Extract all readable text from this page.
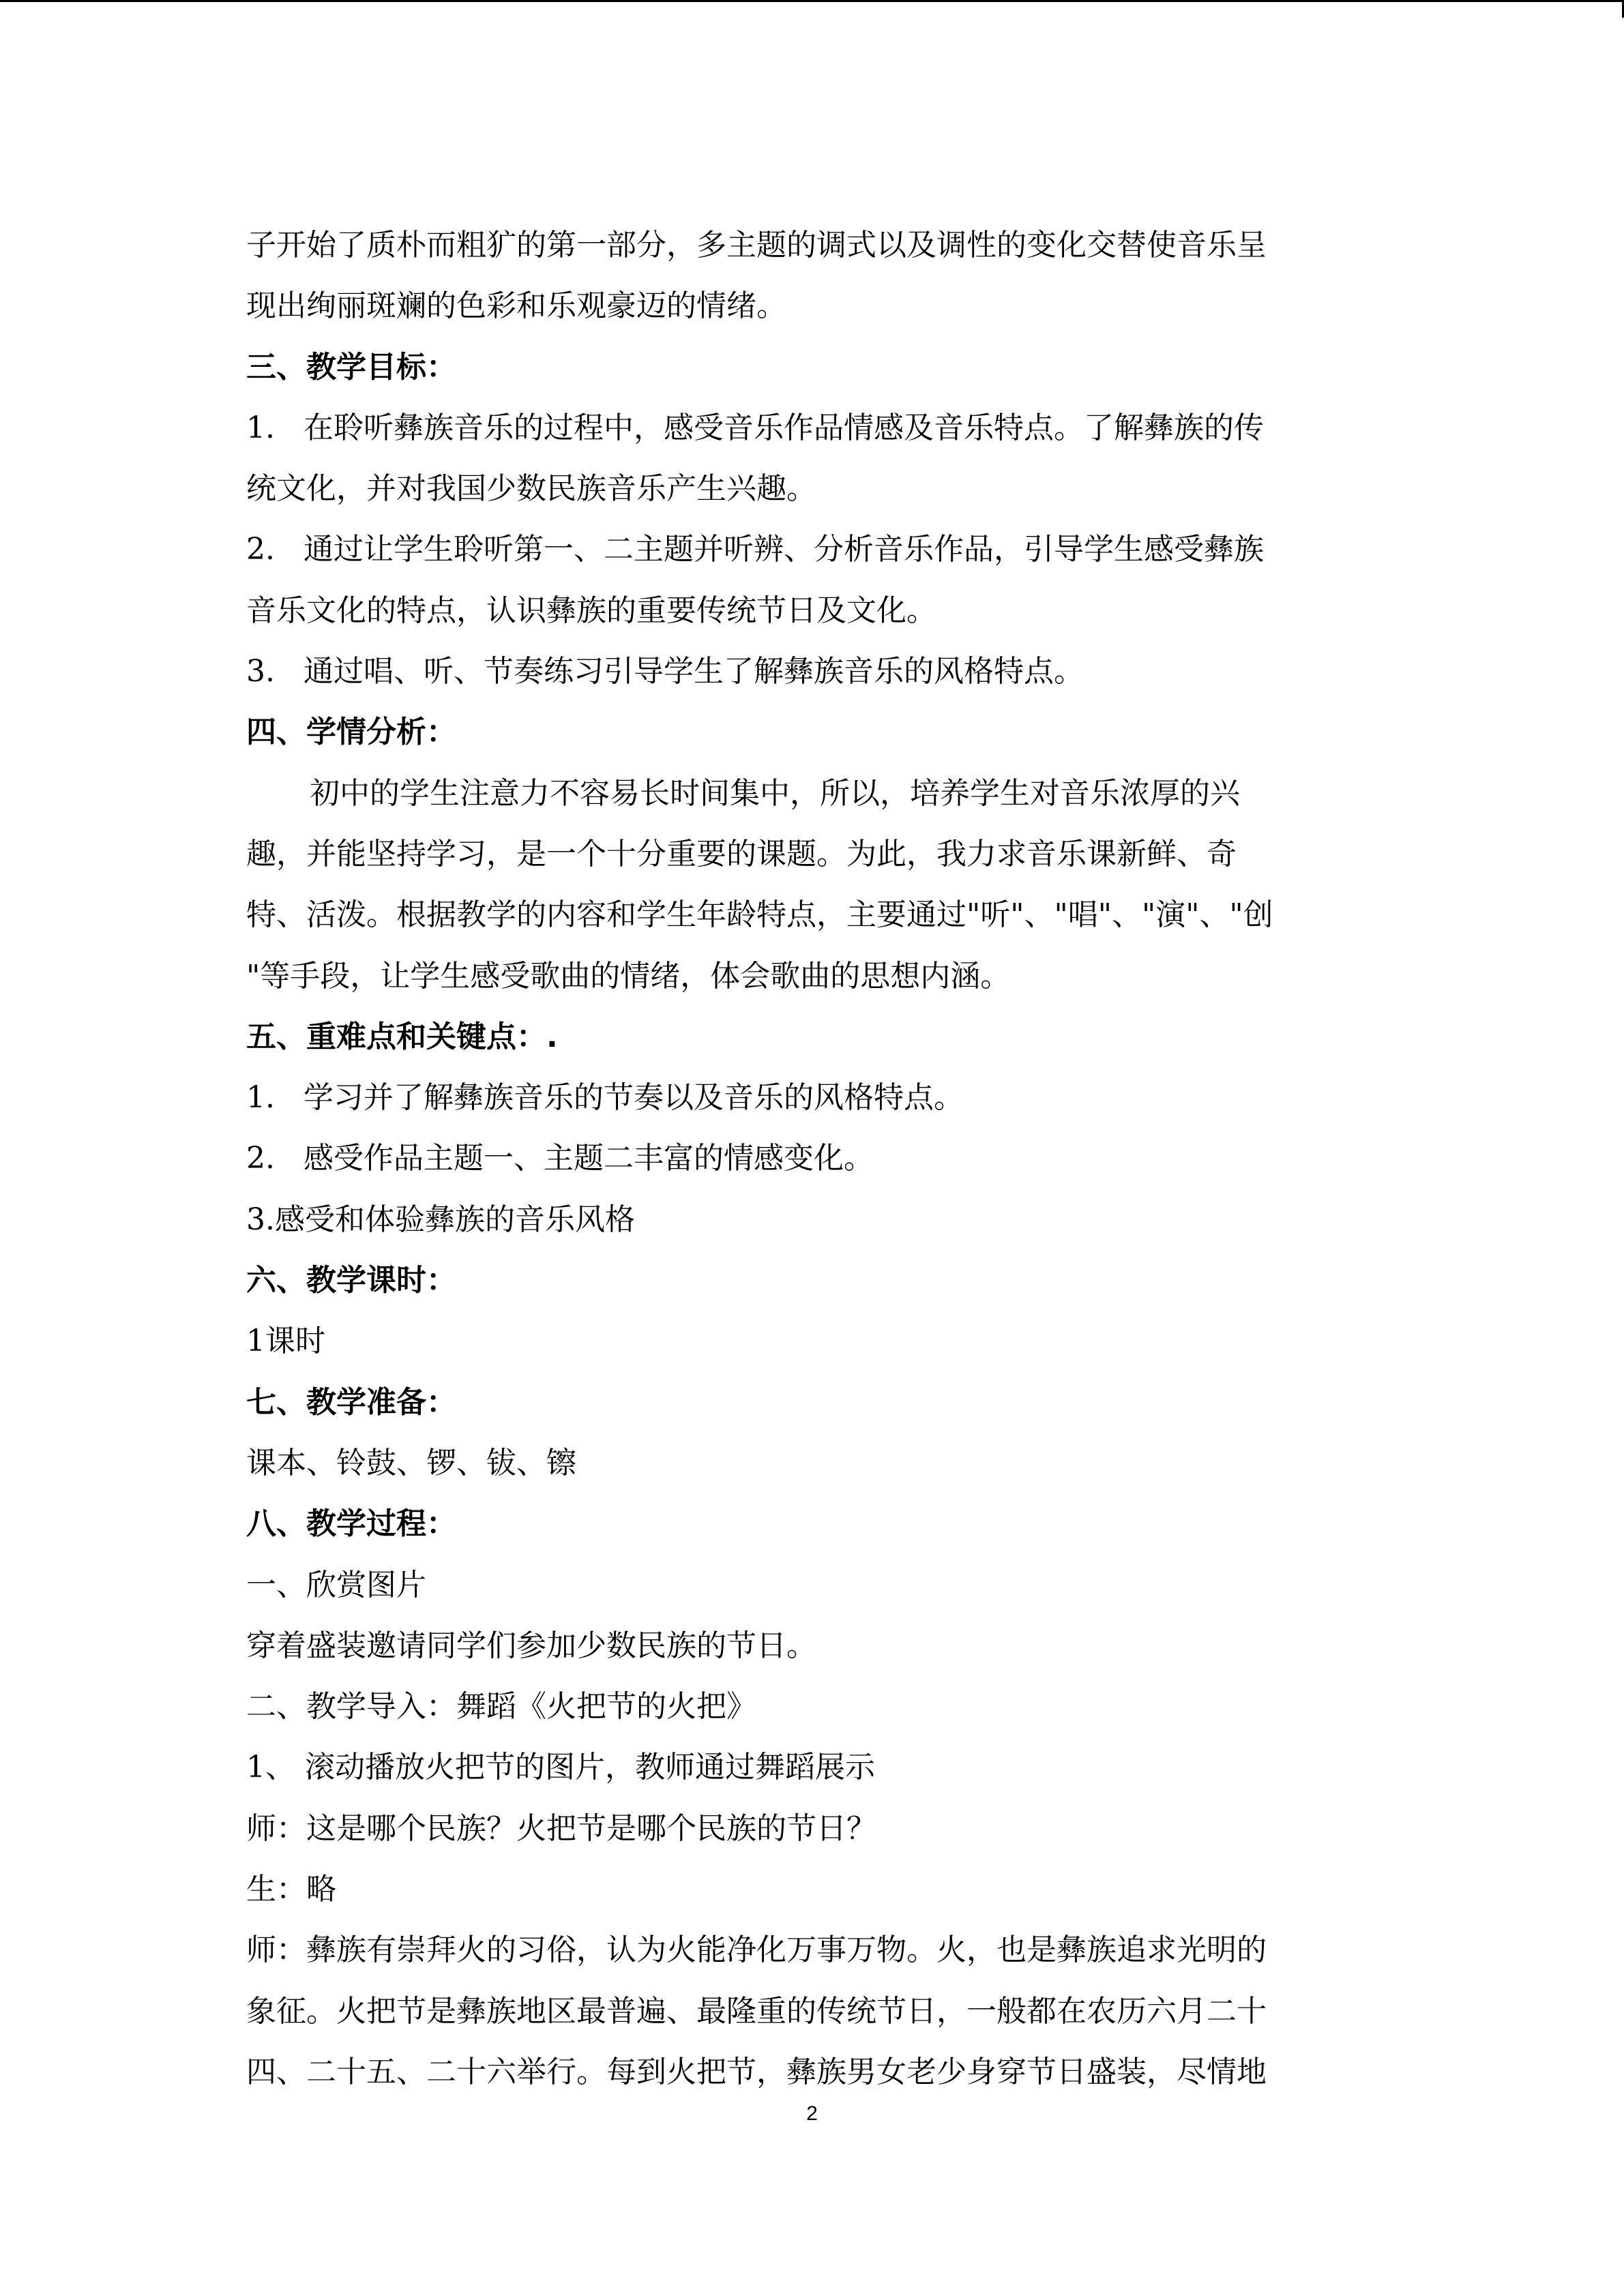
子开始了质朴而粗犷的第一部分，多主题的调式以及调性的变化交替使音乐呈
现出绚丽斑斓的色彩和乐观豪迈的情绪。
三、教学目标：
1. 在聆听彝族音乐的过程中，感受音乐作品情感及音乐特点。了解彝族的传
统文化，并对我国少数民族音乐产生兴趣。
2. 通过让学生聆听第一、二主题并听辨、分析音乐作品，引导学生感受彝族
音乐文化的特点，认识彝族的重要传统节日及文化。
3. 通过唱、听、节奏练习引导学生了解彝族音乐的风格特点。
四、学情分析：
初中的学生注意力不容易长时间集中，所以，培养学生对音乐浓厚的兴
趣，并能坚持学习，是一个十分重要的课题。为此，我力求音乐课新鲜、奇
特、活泼。根据教学的内容和学生年龄特点，主要通过"听"、"唱"、"演"、"创
"等手段，让学生感受歌曲的情绪，体会歌曲的思想内涵。
五、重难点和关键点：.
1. 学习并了解彝族音乐的节奏以及音乐的风格特点。
2. 感受作品主题一、主题二丰富的情感变化。
3.感受和体验彝族的音乐风格
六、教学课时：
1课时
七、教学准备：
课本、铃鼓、锣、钹、镲
八、教学过程：
一、欣赏图片
穿着盛装邀请同学们参加少数民族的节日。
二、教学导入：舞蹈《火把节的火把》
1、 滚动播放火把节的图片，教师通过舞蹈展示
师：这是哪个民族？火把节是哪个民族的节日？
生：略
师：彝族有崇拜火的习俗，认为火能净化万事万物。火，也是彝族追求光明的
象征。火把节是彝族地区最普遍、最隆重的传统节日，一般都在农历六月二十
四、二十五、二十六举行。每到火把节，彝族男女老少身穿节日盛装，尽情地
2
